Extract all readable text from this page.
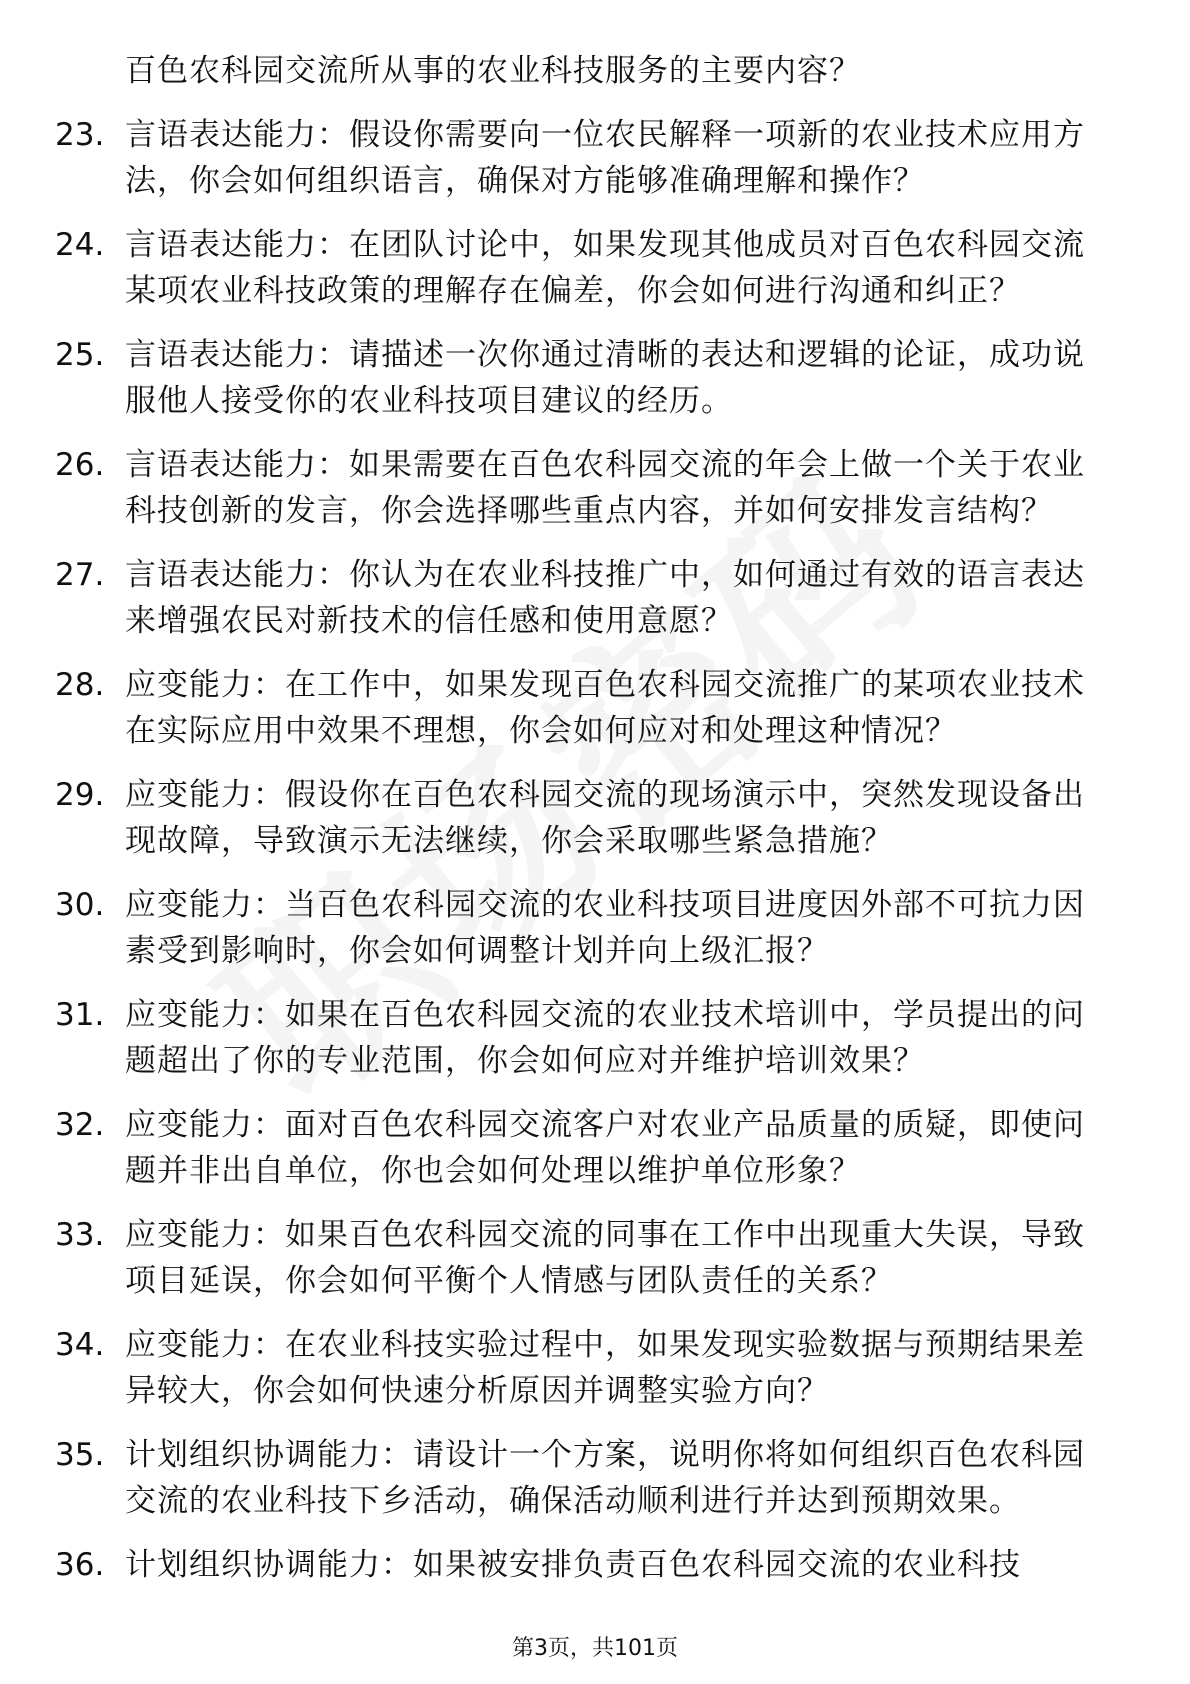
百色农科园交流所从事的农业科技服务的主要内容？
23. 言语表达能力：假设你需要向一位农民解释一项新的农业技术应用方法，你会如何组织语言，确保对方能够准确理解和操作？
24. 言语表达能力：在团队讨论中，如果发现其他成员对百色农科园交流某项农业科技政策的理解存在偏差，你会如何进行沟通和纠正？
25. 言语表达能力：请描述一次你通过清晰的表达和逻辑的论证，成功说服他人接受你的农业科技项目建议的经历。
26. 言语表达能力：如果需要在百色农科园交流的年会上做一个关于农业科技创新的发言，你会选择哪些重点内容，并如何安排发言结构？
27. 言语表达能力：你认为在农业科技推广中，如何通过有效的语言表达来增强农民对新技术的信任感和使用意愿？
28. 应变能力：在工作中，如果发现百色农科园交流推广的某项农业技术在实际应用中效果不理想，你会如何应对和处理这种情况？
29. 应变能力：假设你在百色农科园交流的现场演示中，突然发现设备出现故障，导致演示无法继续，你会采取哪些紧急措施？
30. 应变能力：当百色农科园交流的农业科技项目进度因外部不可抗力因素受到影响时，你会如何调整计划并向上级汇报？
31. 应变能力：如果在百色农科园交流的农业技术培训中，学员提出的问题超出了你的专业范围，你会如何应对并维护培训效果？
32. 应变能力：面对百色农科园交流客户对农业产品质量的质疑，即使问题并非出自单位，你也会如何处理以维护单位形象？
33. 应变能力：如果百色农科园交流的同事在工作中出现重大失误，导致项目延误，你会如何平衡个人情感与团队责任的关系？
34. 应变能力：在农业科技实验过程中，如果发现实验数据与预期结果差异较大，你会如何快速分析原因并调整实验方向？
35. 计划组织协调能力：请设计一个方案，说明你将如何组织百色农科园交流的农业科技下乡活动，确保活动顺利进行并达到预期效果。
36. 计划组织协调能力：如果被安排负责百色农科园交流的农业科技
第3页，共101页
